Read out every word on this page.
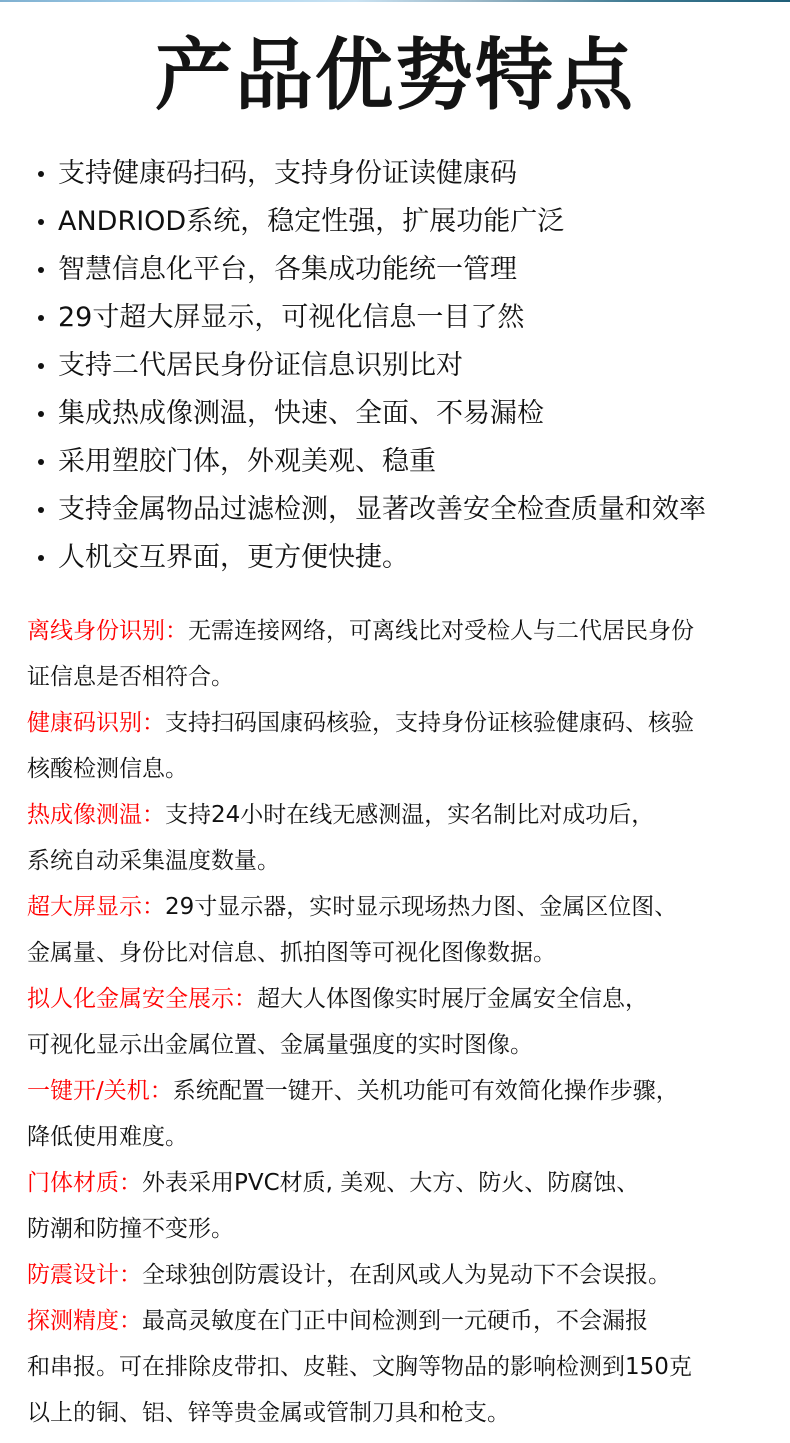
产品优势特点
支持健康码扫码，支持身份证读健康码
ANDRIOD系统，稳定性强，扩展功能广泛
智慧信息化平台，各集成功能统一管理
29寸超大屏显示，可视化信息一目了然
支持二代居民身份证信息识别比对
集成热成像测温，快速、全面、不易漏检
采用塑胶门体，外观美观、稳重
支持金属物品过滤检测，显著改善安全检查质量和效率
人机交互界面，更方便快捷。

离线身份识别：无需连接网络，可离线比对受检人与二代居民身份
证信息是否相符合。

健康码识别：支持扫码国康码核验，支持身份证核验健康码、核验
核酸检测信息。

热成像测温：支持24小时在线无感测温，实名制比对成功后，
系统自动采集温度数量。

超大屏显示：29寸显示器，实时显示现场热力图、金属区位图、
金属量、身份比对信息、抓拍图等可视化图像数据。

拟人化金属安全展示：超大人体图像实时展厅金属安全信息，
可视化显示出金属位置、金属量强度的实时图像。

一键开/关机：系统配置一键开、关机功能可有效简化操作步骤，
降低使用难度。

门体材质：外表采用PVC材质, 美观、大方、防火、防腐蚀、
防潮和防撞不变形。

防震设计：全球独创防震设计，在刮风或人为晃动下不会误报。

探测精度：最高灵敏度在门正中间检测到一元硬币，不会漏报
和串报。可在排除皮带扣、皮鞋、文胸等物品的影响检测到150克
以上的铜、铝、锌等贵金属或管制刀具和枪支。
